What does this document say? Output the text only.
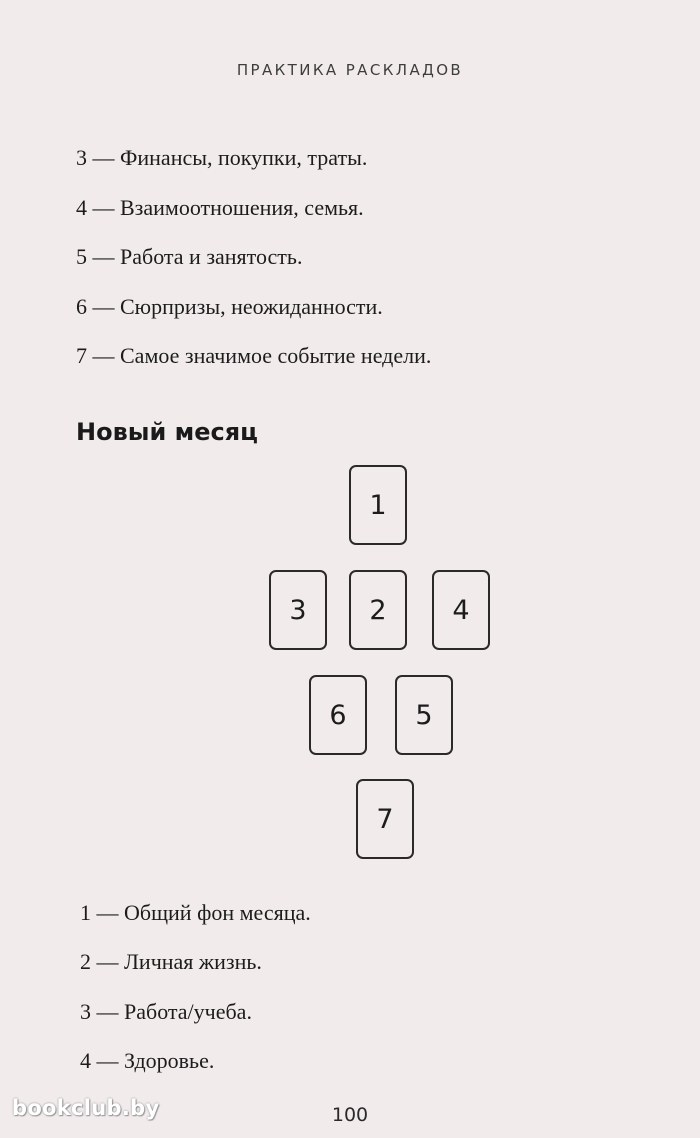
ПРАКТИКА РАСКЛАДОВ
3 — Финансы, покупки, траты.
4 — Взаимоотношения, семья.
5 — Работа и занятость.
6 — Сюрпризы, неожиданности.
7 — Самое значимое событие недели.
Новый месяц
1
3	2	4
6	5
7
1 — Общий фон месяца.
2 — Личная жизнь.
3 — Работа/учеба.
4 — Здоровье.
bookclub.by	100
